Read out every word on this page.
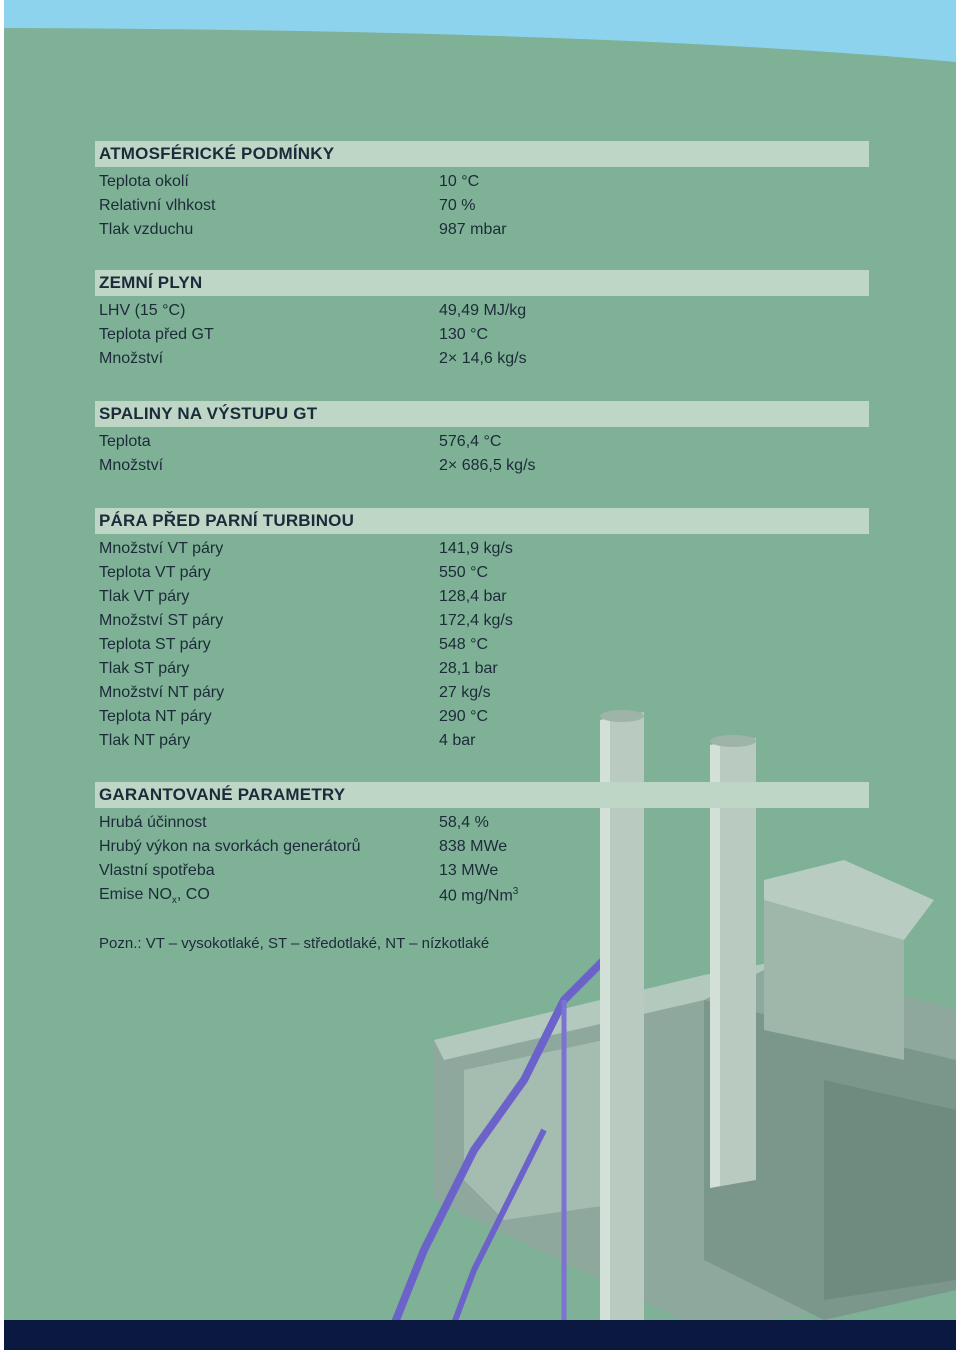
ATMOSFÉRICKÉ PODMÍNKY
Teplota okolí	10 °C
Relativní vlhkost	70 %
Tlak vzduchu	987 mbar
ZEMNÍ PLYN
LHV (15 °C)	49,49 MJ/kg
Teplota před GT	130 °C
Množství	2× 14,6 kg/s
SPALINY NA VÝSTUPU GT
Teplota	576,4 °C
Množství	2× 686,5 kg/s
PÁRA PŘED PARNÍ TURBINOU
Množství VT páry	141,9 kg/s
Teplota VT páry	550 °C
Tlak VT páry	128,4 bar
Množství ST páry	172,4 kg/s
Teplota ST páry	548 °C
Tlak ST páry	28,1 bar
Množství NT páry	27 kg/s
Teplota NT páry	290 °C
Tlak NT páry	4 bar
GARANTOVANÉ PARAMETRY
Hrubá účinnost	58,4 %
Hrubý výkon na svorkách generátorů	838 MWe
Vlastní spotřeba	13 MWe
Emise $NO_x$, CO	40 mg/Nm$^3$
Pozn.: VT – vysokotlaké, ST – středotlaké, NT – nízkotlaké
